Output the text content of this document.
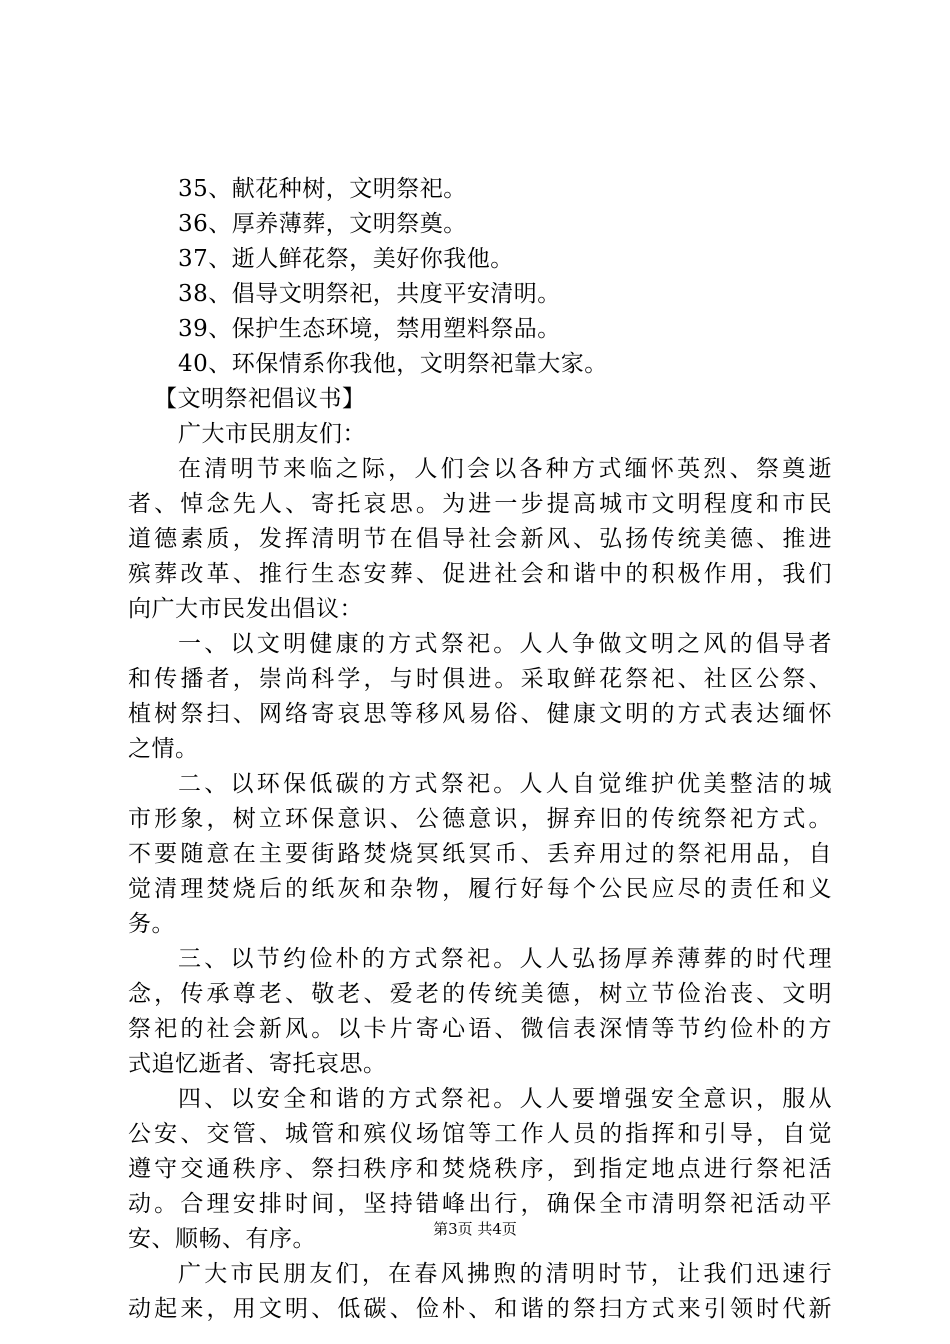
35、献花种树，文明祭祀。
36、厚养薄葬，文明祭奠。
37、逝人鲜花祭，美好你我他。
38、倡导文明祭祀，共度平安清明。
39、保护生态环境，禁用塑料祭品。
40、环保情系你我他，文明祭祀靠大家。
【文明祭祀倡议书】
广大市民朋友们：
在清明节来临之际，人们会以各种方式缅怀英烈、祭奠逝
者、悼念先人、寄托哀思。为进一步提高城市文明程度和市民
道德素质，发挥清明节在倡导社会新风、弘扬传统美德、推进
殡葬改革、推行生态安葬、促进社会和谐中的积极作用，我们
向广大市民发出倡议：
一、以文明健康的方式祭祀。人人争做文明之风的倡导者
和传播者，崇尚科学，与时俱进。采取鲜花祭祀、社区公祭、
植树祭扫、网络寄哀思等移风易俗、健康文明的方式表达缅怀
之情。
二、以环保低碳的方式祭祀。人人自觉维护优美整洁的城
市形象，树立环保意识、公德意识，摒弃旧的传统祭祀方式。
不要随意在主要街路焚烧冥纸冥币、丢弃用过的祭祀用品，自
觉清理焚烧后的纸灰和杂物，履行好每个公民应尽的责任和义
务。
三、以节约俭朴的方式祭祀。人人弘扬厚养薄葬的时代理
念，传承尊老、敬老、爱老的传统美德，树立节俭治丧、文明
祭祀的社会新风。以卡片寄心语、微信表深情等节约俭朴的方
式追忆逝者、寄托哀思。
四、以安全和谐的方式祭祀。人人要增强安全意识，服从
公安、交管、城管和殡仪场馆等工作人员的指挥和引导，自觉
遵守交通秩序、祭扫秩序和焚烧秩序，到指定地点进行祭祀活
动。合理安排时间，坚持错峰出行，确保全市清明祭祀活动平
安、顺畅、有序。
广大市民朋友们，在春风拂煦的清明时节，让我们迅速行
动起来，用文明、低碳、俭朴、和谐的祭扫方式来引领时代新
第3页 共4页
